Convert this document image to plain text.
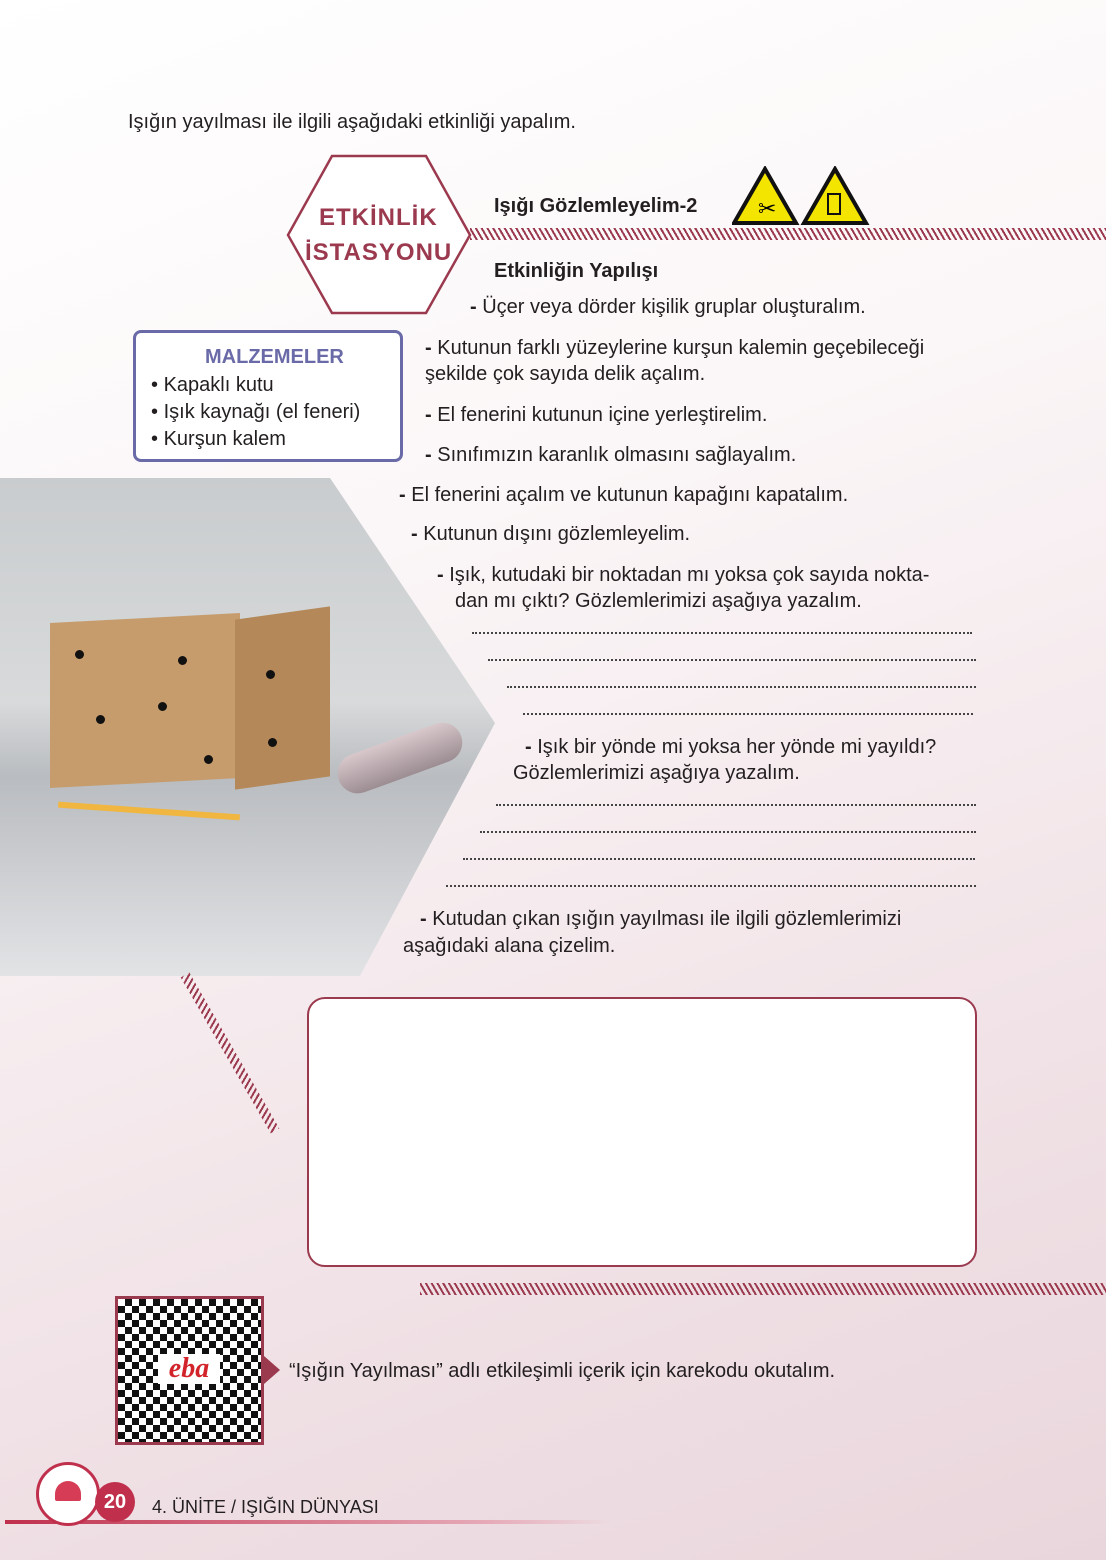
Işığın yayılması ile ilgili aşağıdaki etkinliği yapalım.
ETKİNLİK
İSTASYONU
Işığı Gözlemleyelim-2	✂
Etkinliğin Yapılışı
MALZEMELER
• Kapaklı kutu
• Işık kaynağı (el feneri)
• Kurşun kalem
- Üçer veya dörder kişilik gruplar oluşturalım.
- Kutunun farklı yüzeylerine kurşun kalemin geçebileceği
şekilde çok sayıda delik açalım.
- El fenerini kutunun içine yerleştirelim.
- Sınıfımızın karanlık olmasını sağlayalım.
- El fenerini açalım ve kutunun kapağını kapatalım.
- Kutunun dışını gözlemleyelim.
- Işık, kutudaki bir noktadan mı yoksa çok sayıda nokta-
dan mı çıktı? Gözlemlerimizi aşağıya yazalım.
- Işık bir yönde mi yoksa her yönde mi yayıldı?
Gözlemlerimizi aşağıya yazalım.
- Kutudan çıkan ışığın yayılması ile ilgili gözlemlerimizi
aşağıdaki alana çizelim.
eba	“Işığın Yayılması” adlı etkileşimli içerik için karekodu okutalım.
20	4. ÜNİTE / IŞIĞIN DÜNYASI
